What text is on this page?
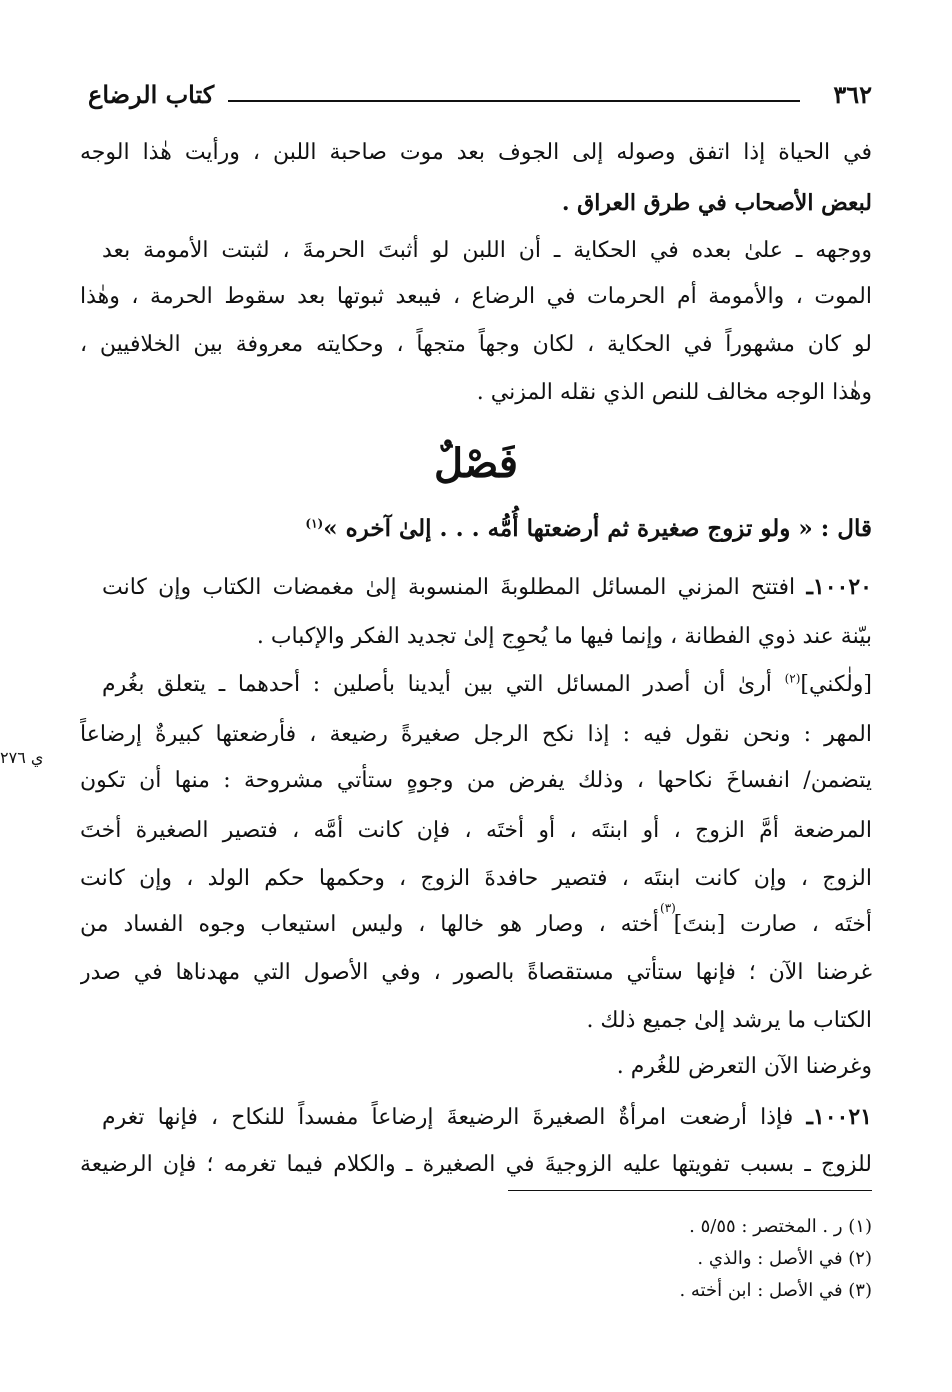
٣٦٢
كتاب الرضاع
في الحياة إذا اتفق وصوله إلى الجوف بعد موت صاحبة اللبن ، ورأيت هٰذا الوجه
لبعض الأصحاب في طرق العراق .
ووجهه ـ علىٰ بعده في الحكاية ـ أن اللبن لو أثبتَ الحرمةَ ، لثبتت الأمومة بعد
الموت ، والأمومة أم الحرمات في الرضاع ، فيبعد ثبوتها بعد سقوط الحرمة ، وهٰذا
لو كان مشهوراً في الحكاية ، لكان وجهاً متجهاً ، وحكايته معروفة بين الخلافيين ،
وهٰذا الوجه مخالف للنص الذي نقله المزني .
فَصْلٌ
قال : « ولو تزوج صغيرة ثم أرضعتها أُمُّه . . . إلىٰ آخره »$^{(١)}$
١٠٠٢٠ـ افتتح المزني المسائل المطلوبةَ المنسوبة إلىٰ مغمضات الكتاب وإن كانت
بيّنة عند ذوي الفطانة ، وإنما فيها ما يُحوِج إلىٰ تجديد الفكر والإكباب .
[ولٰكني]$^{(٢)}$ أرىٰ أن أصدر المسائل التي بين أيدينا بأصلين : أحدهما ـ يتعلق بغُرم
المهر : ونحن نقول فيه : إذا نكح الرجل صغيرةً رضيعة ، فأرضعتها كبيرةٌ إرضاعاً
يتضمن/ انفساخَ نكاحها ، وذلك يفرض من وجوهٍ ستأتي مشروحة : منها أن تكون
ي ٢٧٦
المرضعة أمَّ الزوج ، أو ابنتَه ، أو أختَه ، فإن كانت أمَّه ، فتصير الصغيرة أختَ
الزوج ، وإن كانت ابنتَه ، فتصير حافدةَ الزوج ، وحكمها حكم الولد ، وإن كانت
أختَه ، صارت [بنتَ] أخته ، وصار هو خالها ، وليس استيعاب وجوه الفساد من
غرضنا الآن ؛ فإنها ستأتي مستقصاةً بالصور ، وفي الأصول التي مهدناها في صدر
الكتاب ما يرشد إلىٰ جميع ذلك .
(٣)
وغرضنا الآن التعرض للغُرم .
١٠٠٢١ـ فإذا أرضعت امرأةٌ الصغيرةَ الرضيعةَ إرضاعاً مفسداً للنكاح ، فإنها تغرم
للزوج ـ بسبب تفويتها عليه الزوجيةَ في الصغيرة ـ والكلام فيما تغرمه ؛ فإن الرضيعة
(١) ر . المختصر : ٥/٥٥ .
(٢) في الأصل : والذي .
(٣) في الأصل : ابن أخته .
